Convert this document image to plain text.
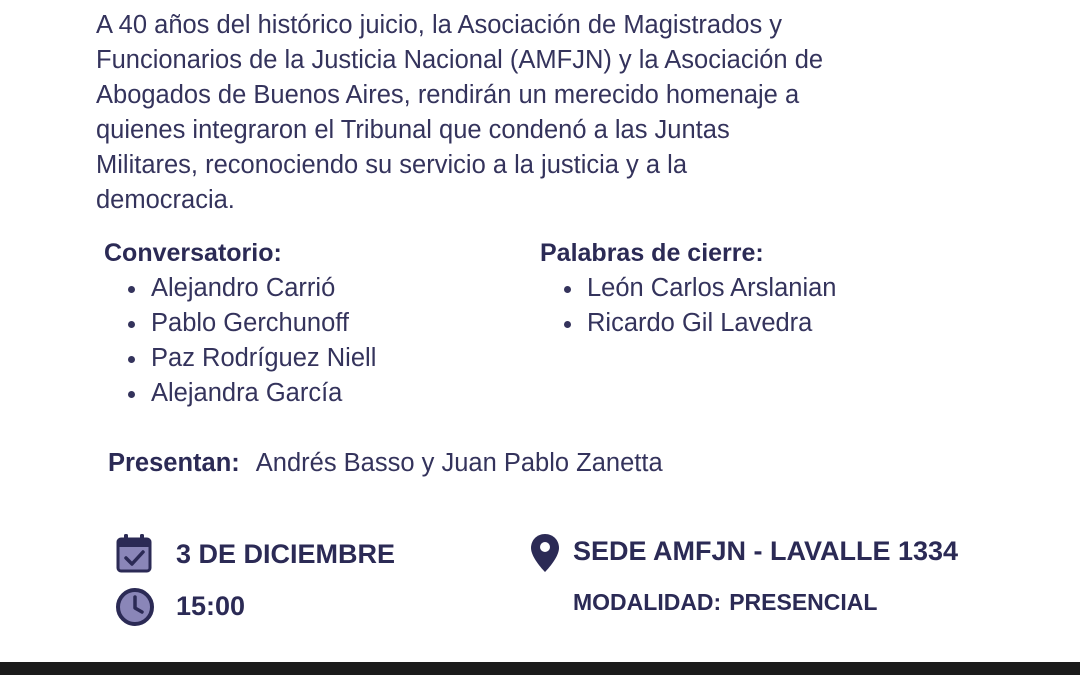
A 40 años del histórico juicio, la Asociación de Magistrados y
Funcionarios de la Justicia Nacional (AMFJN) y la Asociación de
Abogados de Buenos Aires, rendirán un merecido homenaje a
quienes integraron el Tribunal que condenó a las Juntas
Militares, reconociendo su servicio a la justicia y a la
democracia.
Conversatorio:
Alejandro Carrió
Pablo Gerchunoff
Paz Rodríguez Niell
Alejandra García
Palabras de cierre:
León Carlos Arslanian
Ricardo Gil Lavedra
Presentan: Andrés Basso y Juan Pablo Zanetta
3 DE DICIEMBRE
15:00
SEDE AMFJN - LAVALLE 1334
MODALIDAD: PRESENCIAL
